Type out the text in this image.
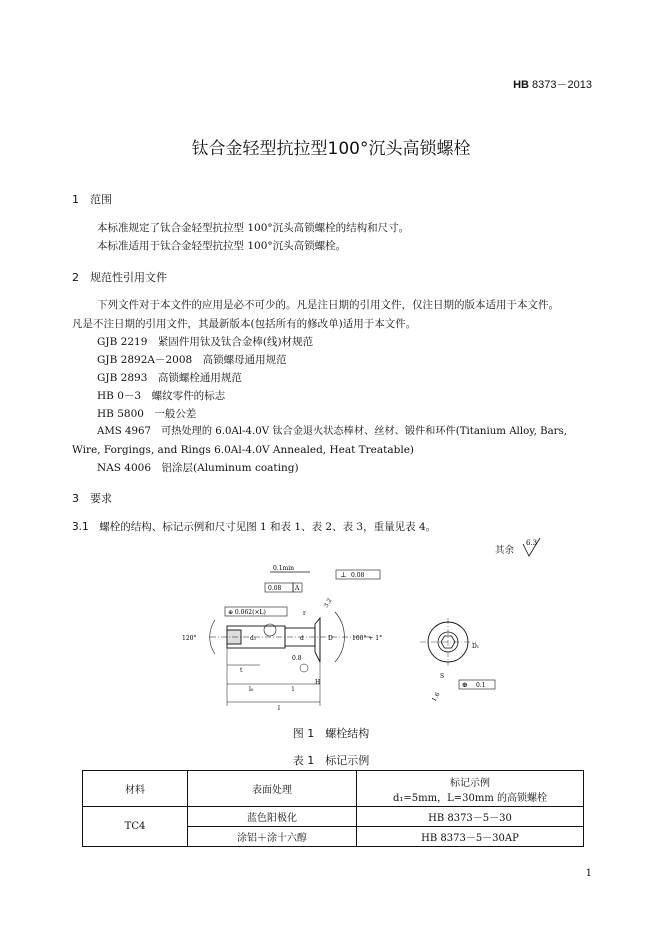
HB 8373－2013
钛合金轻型抗拉型100°沉头高锁螺栓
1　 范围
本标准规定了钛合金轻型抗拉型 100°沉头高锁螺栓的结构和尺寸。
本标准适用于钛合金轻型抗拉型 100°沉头高锁螺栓。
2　 规范性引用文件
下列文件对于本文件的应用是必不可少的。凡是注日期的引用文件，仅注日期的版本适用于本文件。
凡是不注日期的引用文件，其最新版本(包括所有的修改单)适用于本文件。
GJB 2219　紧固件用钛及钛合金棒(线)材规范
GJB 2892A－2008　高锁螺母通用规范
GJB 2893　高锁螺栓通用规范
HB 0－3　螺纹零件的标志
HB 5800　一般公差
AMS 4967　可热处理的 6.0Al-4.0V 钛合金退火状态棒材、丝材、锻件和环件(Titanium Alloy, Bars,
Wire, Forgings, and Rings 6.0Al-4.0V Annealed, Heat Treatable)
NAS 4006　铝涂层(Aluminum coating)
3　 要求
3.1　 螺栓的结构、标记示例和尺寸见图 1 和表 1、表 2、表 3，重量见表 4。
其余
6.3
0.1min
0.08 A
0.08
⊥
⊕ 0.062(×L)
120°	100° + 1°
d₁	d	D
r
t
l₀	l
H
l
3.2
0.8
D₁
S
0.1
⊕
1.6
图 1　螺栓结构
表 1　标记示例
材料	表面处理	标记示例
d₁=5mm，L=30mm 的高锁螺栓

TC4	蓝色阳极化	HB 8373－5－30
	涂铝＋涂十六醇	HB 8373－5－30AP
1
